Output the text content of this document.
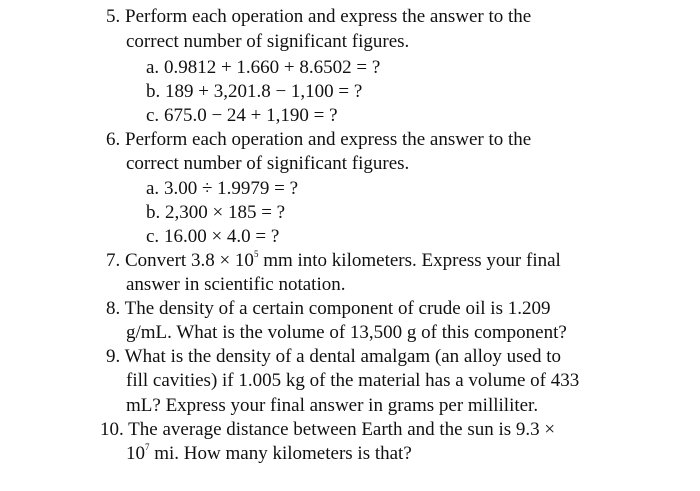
5. Perform each operation and express the answer to the
correct number of significant figures.
a. 0.9812 + 1.660 + 8.6502 = ?
b. 189 + 3,201.8 − 1,100 = ?
c. 675.0 − 24 + 1,190 = ?
6. Perform each operation and express the answer to the
correct number of significant figures.
a. 3.00 ÷ 1.9979 = ?
b. 2,300 × 185 = ?
c. 16.00 × 4.0 = ?
7. Convert $3.8 \times 10^5$ mm into kilometers. Express your final
answer in scientific notation.
8. The density of a certain component of crude oil is 1.209
g/mL. What is the volume of 13,500 g of this component?
9. What is the density of a dental amalgam (an alloy used to
fill cavities) if 1.005 kg of the material has a volume of 433
mL? Express your final answer in grams per milliliter.
10. The average distance between Earth and the sun is 9.3 ×
$10^7$ mi. How many kilometers is that?
